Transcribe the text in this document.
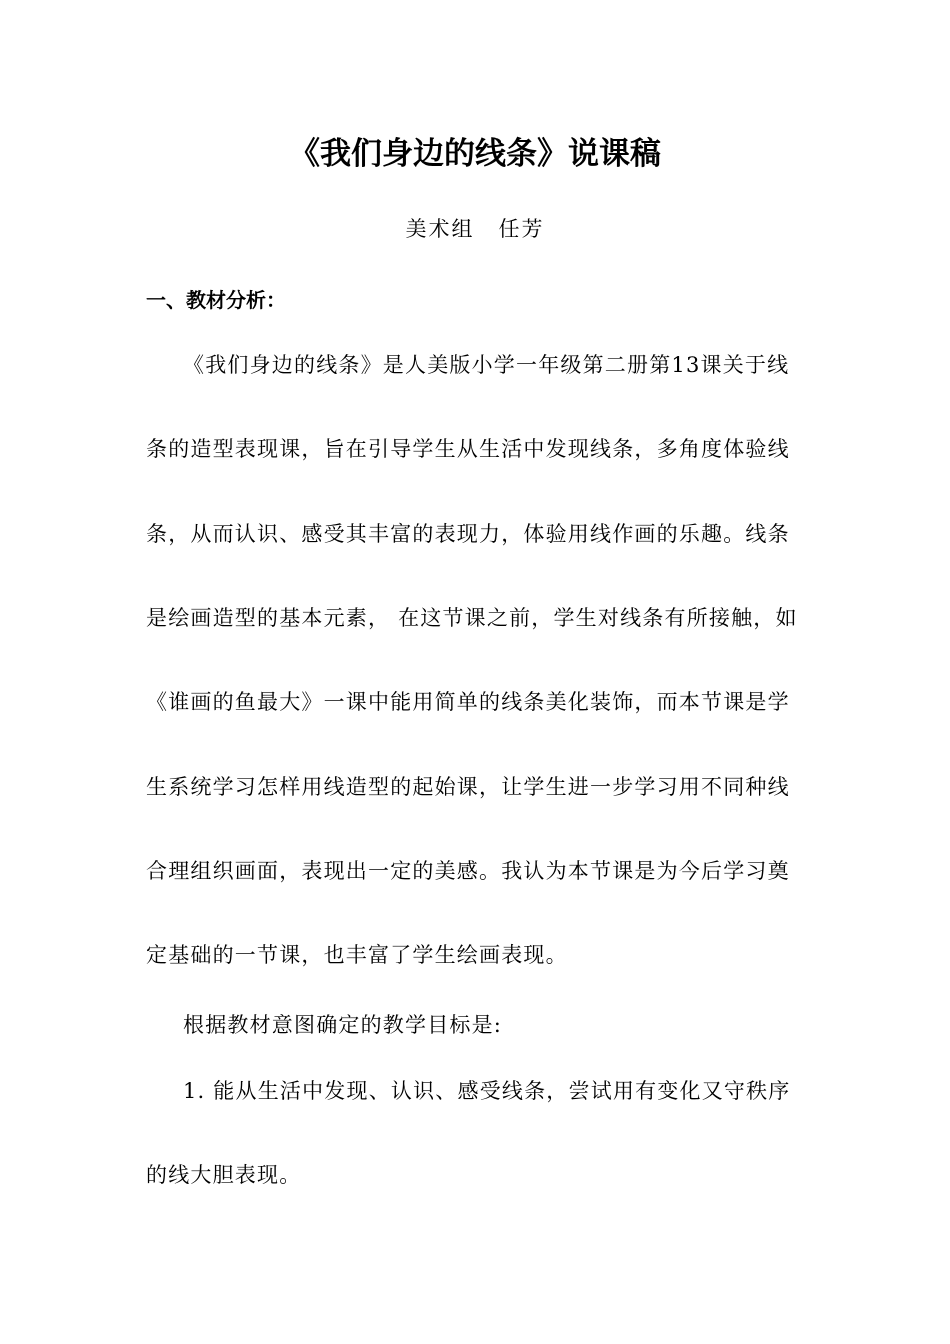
《我们身边的线条》说课稿
美术组 任芳
一、教材分析：
《我们身边的线条》是人美版小学一年级第二册第13课关于线
条的造型表现课，旨在引导学生从生活中发现线条，多角度体验线
条，从而认识、感受其丰富的表现力，体验用线作画的乐趣。线条
是绘画造型的基本元素， 在这节课之前，学生对线条有所接触，如
《谁画的鱼最大》一课中能用简单的线条美化装饰，而本节课是学
生系统学习怎样用线造型的起始课，让学生进一步学习用不同种线
合理组织画面，表现出一定的美感。我认为本节课是为今后学习奠
定基础的一节课，也丰富了学生绘画表现。
根据教材意图确定的教学目标是:
1. 能从生活中发现、认识、感受线条，尝试用有变化又守秩序
的线大胆表现。
